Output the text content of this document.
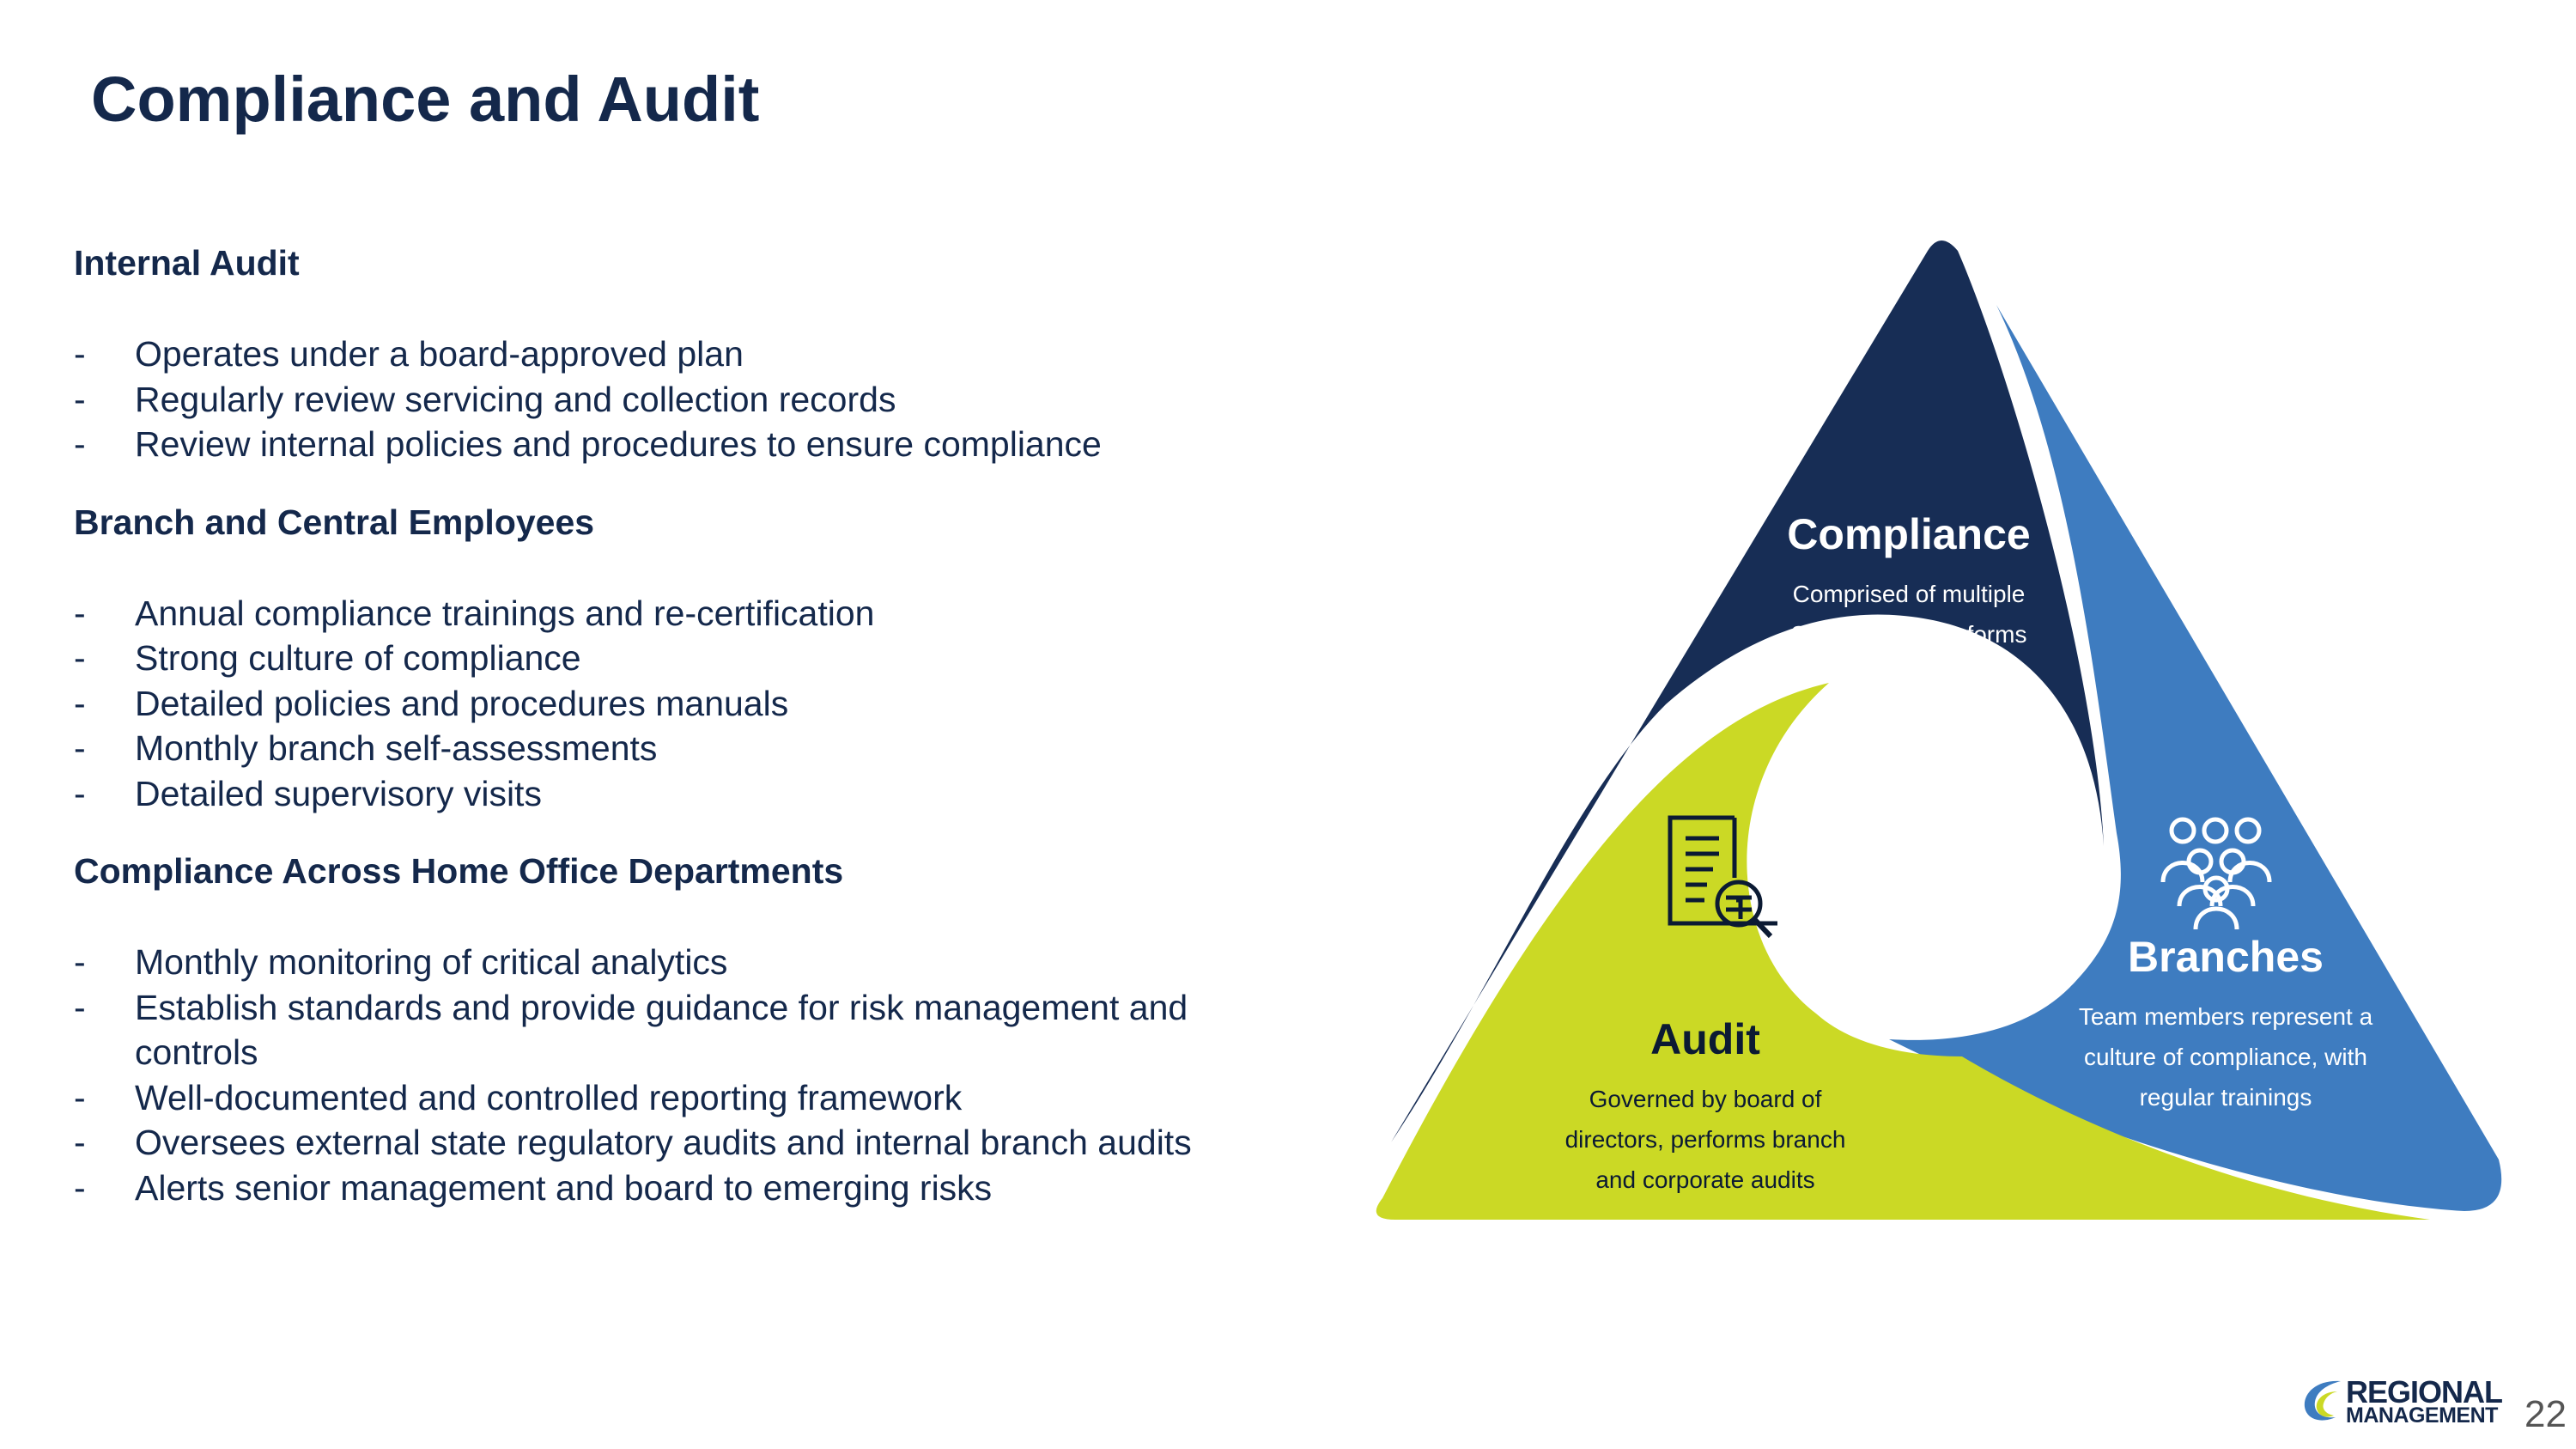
Compliance and Audit
Internal Audit
- Operates under a board-approved plan
- Regularly review servicing and collection records
- Review internal policies and procedures to ensure compliance
Branch and Central Employees
- Annual compliance trainings and re-certification
- Strong culture of compliance
- Detailed policies and procedures manuals
- Monthly branch self-assessments
- Detailed supervisory visits
Compliance Across Home Office Departments
- Monthly monitoring of critical analytics
- Establish standards and provide guidance for risk management and controls
- Well-documented and controlled reporting framework
- Oversees external state regulatory audits and internal branch audits
- Alerts senior management and board to emerging risks
Compliance
Comprised of multiple
SME’s, each performs
key function
Branches
Team members represent a
culture of compliance, with
regular trainings
Audit
Governed by board of
directors, performs branch
and corporate audits
REGIONAL
MANAGEMENT 22
